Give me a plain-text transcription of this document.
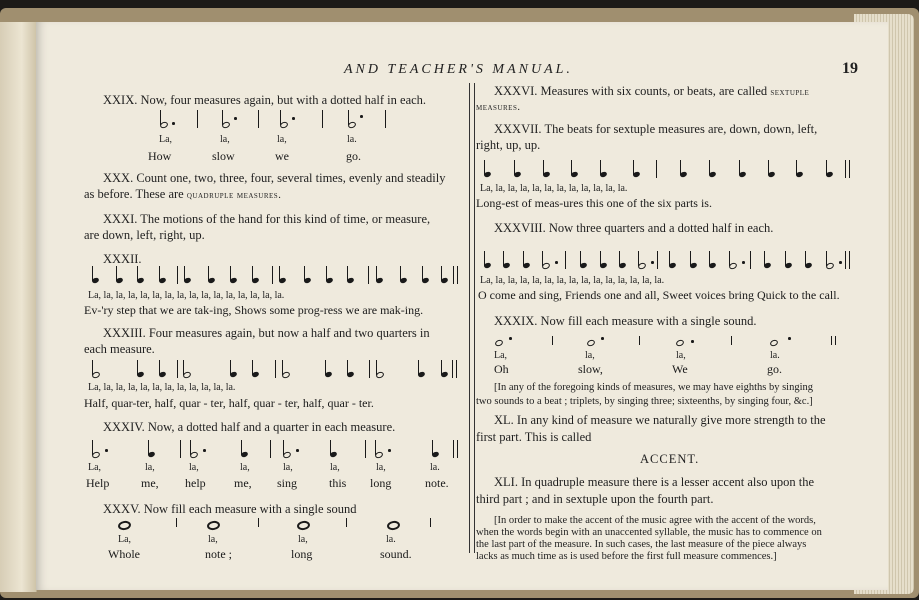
AND TEACHER'S MANUAL.	19
XXIX. Now, four measures again, but with a dotted half in each.
La,	la,	la,	la.
How	slow	we	go.
XXX. Count one, two, three, four, several times, evenly and steadily
as before. These are quadruple measures.
XXXI. The motions of the hand for this kind of time, or measure,
are down, left, right, up.
XXXII.
La, la, la, la, la, la, la, la, la, la, la, la, la, la, la, la.
Ev-'ry step that we are tak-ing, Shows some prog-ress we are mak-ing.
XXXIII. Four measures again, but now a half and two quarters in
each measure.
La, la, la, la, la, la, la, la, la, la, la, la.
Half, quar-ter, half, quar - ter, half, quar - ter, half, quar - ter.
XXXIV. Now, a dotted half and a quarter in each measure.
La,	la,	la,	la,	la,	la,	la,	la.
Help	me, help me, sing	this long	note.
XXXV. Now fill each measure with a single sound
La,	la,	la,	la.
Whole	note ;	long	sound.
XXXVI. Measures with six counts, or beats, are called sextuple
measures.
XXXVII. The beats for sextuple measures are, down, down, left,
right, up, up.
La, la, la, la, la, la, la, la, la, la, la, la.
Long-est of meas-ures this one of the six parts is.
XXXVIII. Now three quarters and a dotted half in each.
La, la, la, la, la, la, la, la, la, la, la, la, la, la, la.
O come and sing, Friends one and all, Sweet voices bring Quick to the call.
XXXIX. Now fill each measure with a single sound.
La,	la,	la,	la.
Oh	slow,	We	go.
[In any of the foregoing kinds of measures, we may have eighths by singing
two sounds to a beat ; triplets, by singing three; sixteenths, by singing four, &c.]
XL. In any kind of measure we naturally give more strength to the
first part. This is called
ACCENT.
XLI. In quadruple measure there is a lesser accent also upon the
third part ; and in sextuple upon the fourth part.
[In order to make the accent of the music agree with the accent of the words,
when the words begin with an unaccented syllable, the music has to commence on
the last part of the measure. In such cases, the last measure of the piece always
lacks as much time as is used before the first full measure commences.]
